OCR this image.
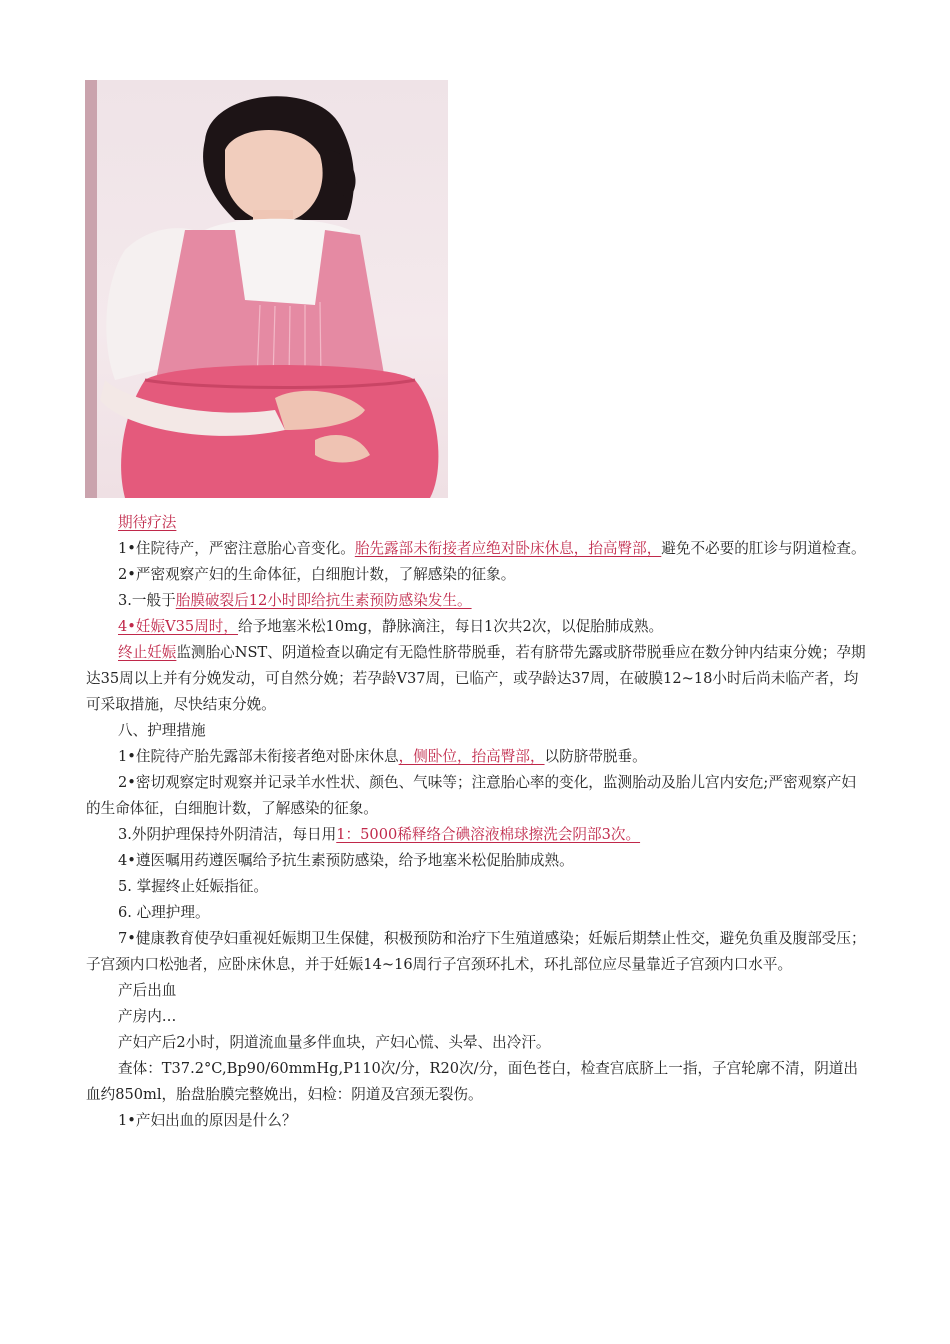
期待疗法

1•住院待产，严密注意胎心音变化。胎先露部未衔接者应绝对卧床休息，抬高臀部，避免不必要的肛诊与阴道检查。

2•严密观察产妇的生命体征，白细胞计数，了解感染的征象。

3.一般于胎膜破裂后12小时即给抗生素预防感染发生。

4•妊娠V35周时，给予地塞米松10mg，静脉滴注，每日1次共2次，以促胎肺成熟。

终止妊娠监测胎心NST、阴道检查以确定有无隐性脐带脱垂，若有脐带先露或脐带脱垂应在数分钟内结束分娩；孕期达35周以上并有分娩发动，可自然分娩；若孕龄V37周，已临产，或孕龄达37周，在破膜12~18小时后尚未临产者，均可采取措施，尽快结束分娩。

八、护理措施

1•住院待产胎先露部未衔接者绝对卧床休息，侧卧位，抬高臀部，以防脐带脱垂。

2•密切观察定时观察并记录羊水性状、颜色、气味等；注意胎心率的变化，监测胎动及胎儿宫内安危;严密观察产妇的生命体征，白细胞计数，了解感染的征象。

3.外阴护理保持外阴清洁，每日用1：5000稀释络合碘溶液棉球擦洗会阴部3次。

4•遵医嘱用药遵医嘱给予抗生素预防感染，给予地塞米松促胎肺成熟。

5. 掌握终止妊娠指征。

6. 心理护理。

7•健康教育使孕妇重视妊娠期卫生保健，积极预防和治疗下生殖道感染；妊娠后期禁止性交，避免负重及腹部受压；子宫颈内口松弛者，应卧床休息，并于妊娠14~16周行子宫颈环扎术，环扎部位应尽量靠近子宫颈内口水平。

产后出血

产房内…

产妇产后2小时，阴道流血量多伴血块，产妇心慌、头晕、出冷汗。

查体：T37.2°C,Bp90/60mmHg,P110次/分，R20次/分，面色苍白，检查宫底脐上一指，子宫轮廓不清，阴道出血约850ml，胎盘胎膜完整娩出，妇检：阴道及宫颈无裂伤。

1•产妇出血的原因是什么？
